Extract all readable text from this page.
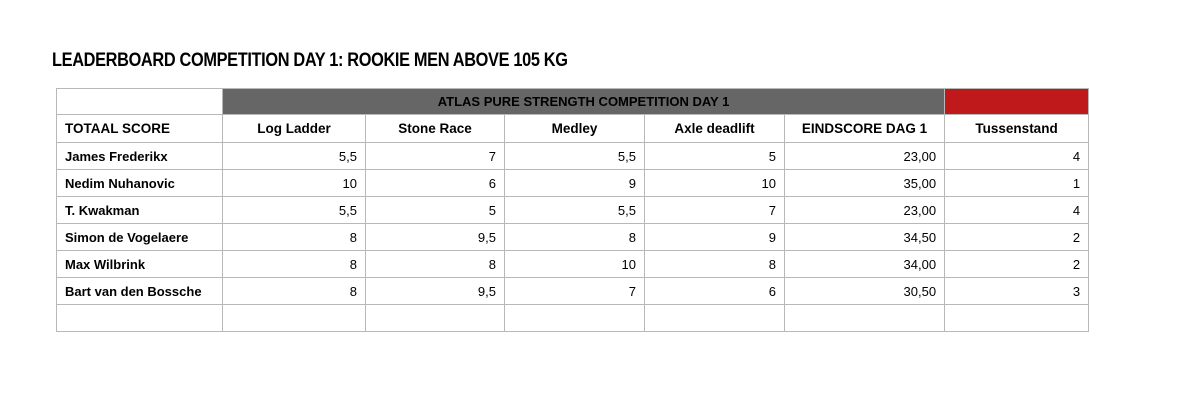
LEADERBOARD COMPETITION DAY 1: ROOKIE MEN ABOVE 105 KG
	ATLAS PURE STRENGTH COMPETITION DAY 1					
TOTAAL SCORE	Log Ladder	Stone Race	Medley	Axle deadlift	EINDSCORE DAG 1	Tussenstand
James Frederikx	5,5	7	5,5	5	23,00	4
Nedim Nuhanovic	10	6	9	10	35,00	1
T. Kwakman	5,5	5	5,5	7	23,00	4
Simon de Vogelaere	8	9,5	8	9	34,50	2
Max Wilbrink	8	8	10	8	34,00	2
Bart van den Bossche	8	9,5	7	6	30,50	3
